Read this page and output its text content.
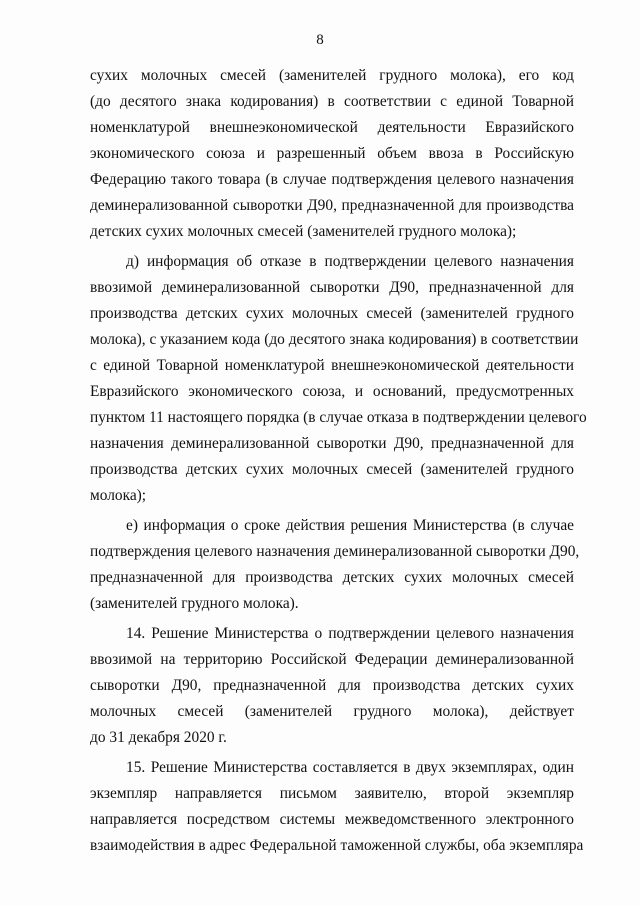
8
сухих молочных смесей (заменителей грудного молока), его код
(до десятого знака кодирования) в соответствии с единой Товарной
номенклатурой внешнеэкономической деятельности Евразийского
экономического союза и разрешенный объем ввоза в Российскую
Федерацию такого товара (в случае подтверждения целевого назначения
деминерализованной сыворотки Д90, предназначенной для производства
детских сухих молочных смесей (заменителей грудного молока);
д) информация об отказе в подтверждении целевого назначения
ввозимой деминерализованной сыворотки Д90, предназначенной для
производства детских сухих молочных смесей (заменителей грудного
молока), с указанием кода (до десятого знака кодирования) в соответствии
с единой Товарной номенклатурой внешнеэкономической деятельности
Евразийского экономического союза, и оснований, предусмотренных
пунктом 11 настоящего порядка (в случае отказа в подтверждении целевого
назначения деминерализованной сыворотки Д90, предназначенной для
производства детских сухих молочных смесей (заменителей грудного
молока);
е) информация о сроке действия решения Министерства (в случае
подтверждения целевого назначения деминерализованной сыворотки Д90,
предназначенной для производства детских сухих молочных смесей
(заменителей грудного молока).
14. Решение Министерства о подтверждении целевого назначения
ввозимой на территорию Российской Федерации деминерализованной
сыворотки Д90, предназначенной для производства детских сухих
молочных смесей (заменителей грудного молока), действует
до 31 декабря 2020 г.
15. Решение Министерства составляется в двух экземплярах, один
экземпляр направляется письмом заявителю, второй экземпляр
направляется посредством системы межведомственного электронного
взаимодействия в адрес Федеральной таможенной службы, оба экземпляра
